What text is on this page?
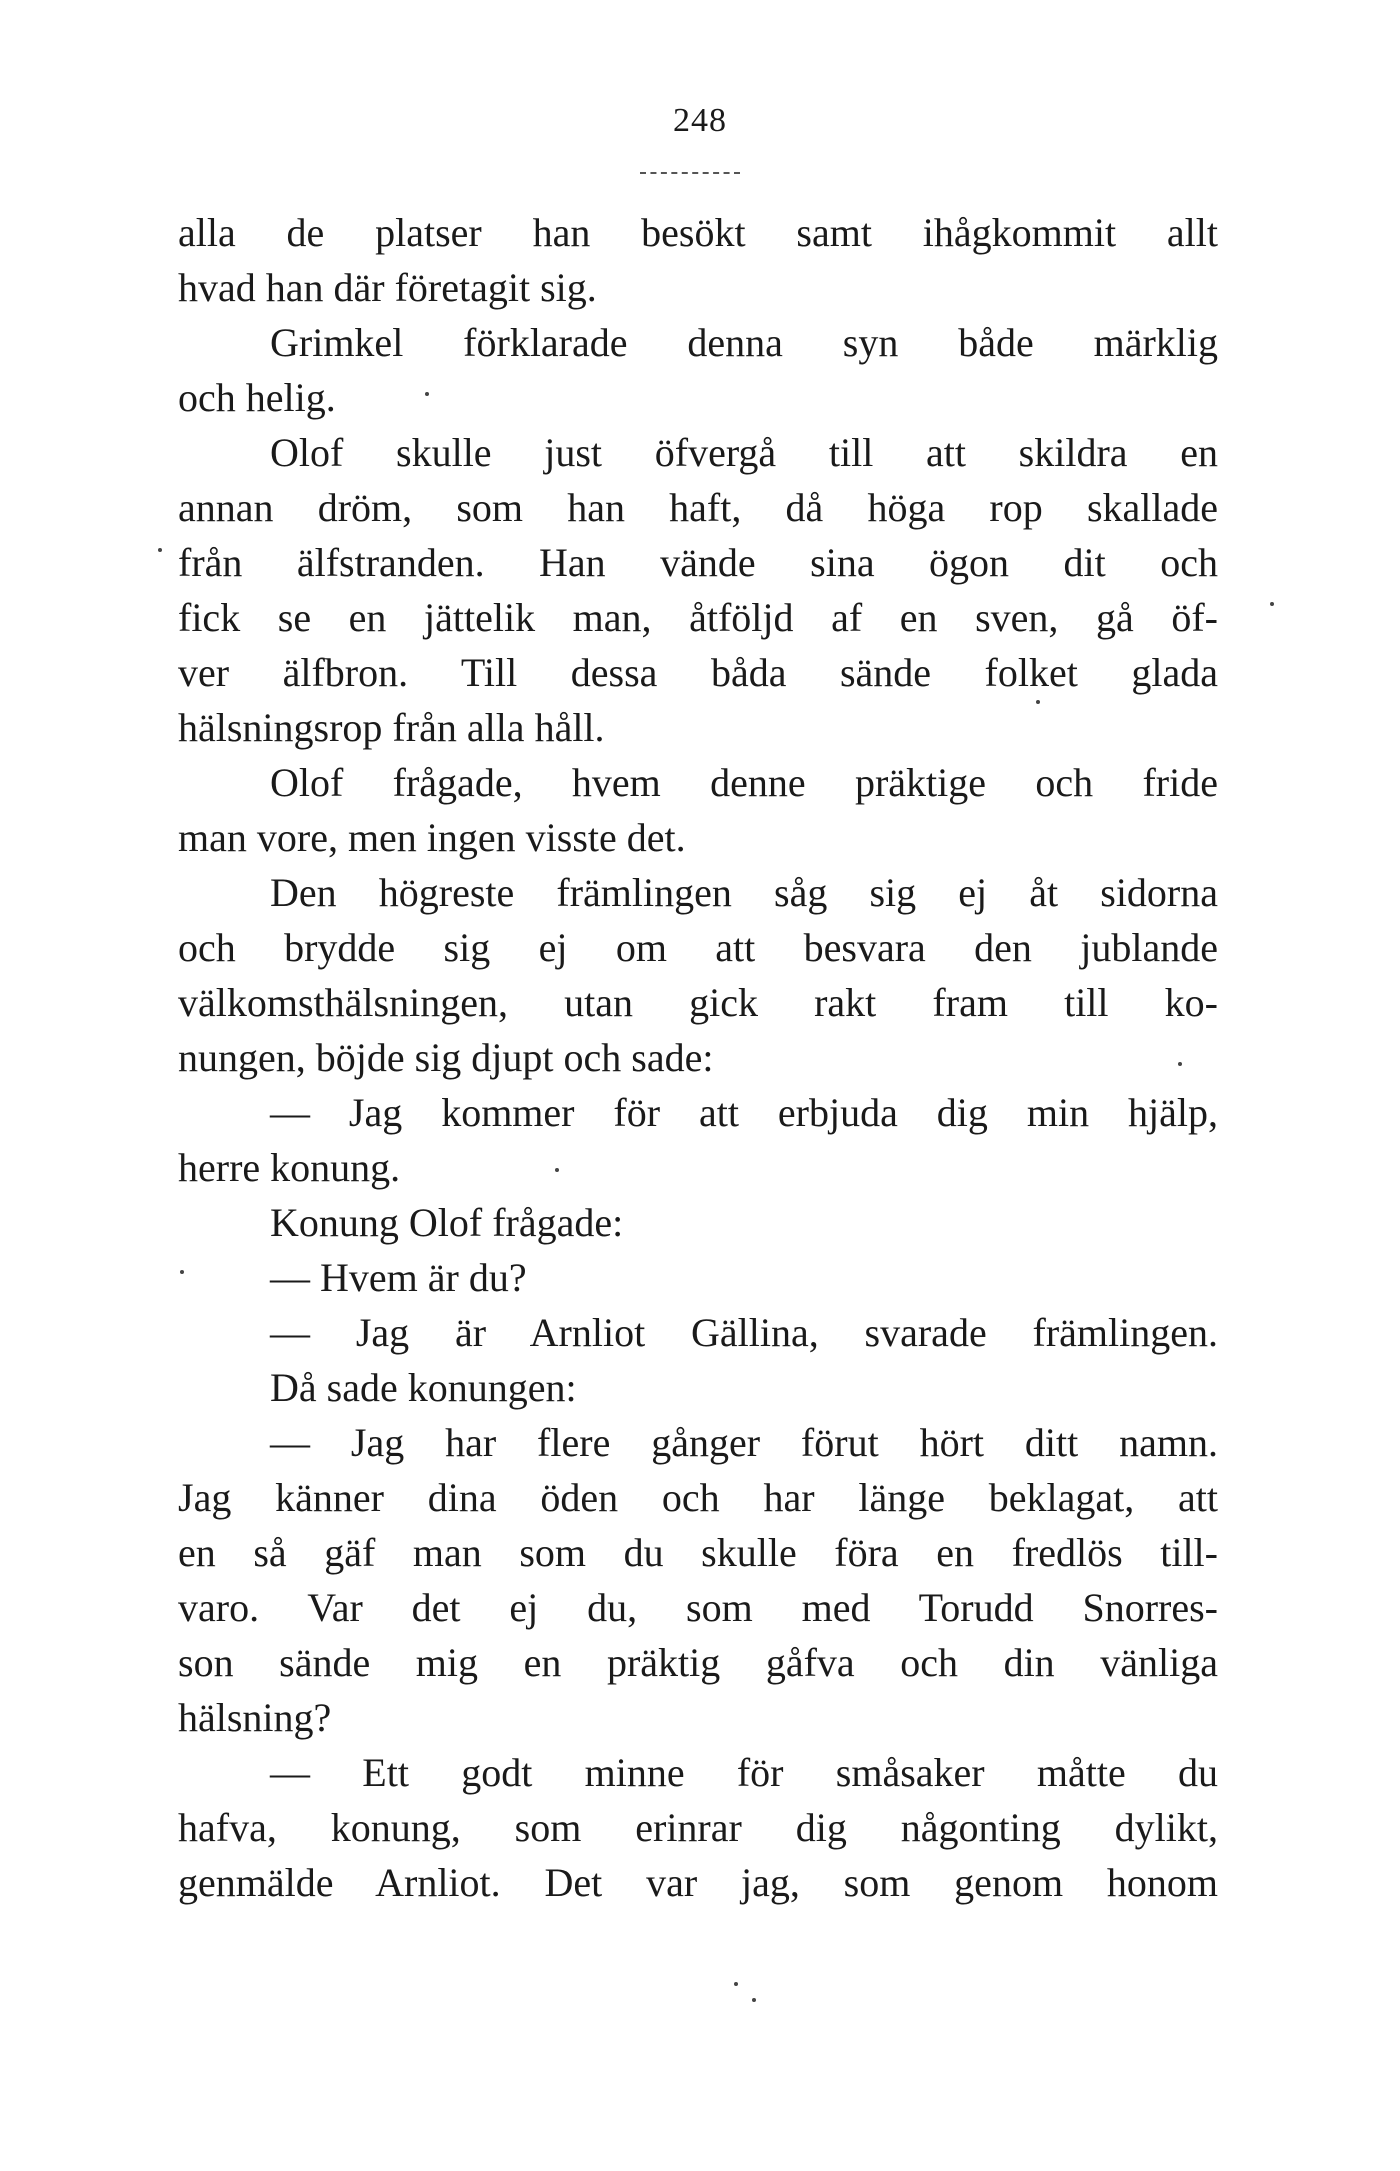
248
alla de platser han besökt samt ihågkommit allt
hvad han där företagit sig.
Grimkel förklarade denna syn både märklig
och helig.
Olof skulle just öfvergå till att skildra en
annan dröm, som han haft, då höga rop skallade
från älfstranden. Han vände sina ögon dit och
fick se en jättelik man, åtföljd af en sven, gå öf-
ver älfbron. Till dessa båda sände folket glada
hälsningsrop från alla håll.
Olof frågade, hvem denne präktige och fride
man vore, men ingen visste det.
Den högreste främlingen såg sig ej åt sidorna
och brydde sig ej om att besvara den jublande
välkomsthälsningen, utan gick rakt fram till ko-
nungen, böjde sig djupt och sade:
— Jag kommer för att erbjuda dig min hjälp,
herre konung.
Konung Olof frågade:
— Hvem är du?
— Jag är Arnliot Gällina, svarade främlingen.
Då sade konungen:
— Jag har flere gånger förut hört ditt namn.
Jag känner dina öden och har länge beklagat, att
en så gäf man som du skulle föra en fredlös till-
varo. Var det ej du, som med Torudd Snorres-
son sände mig en präktig gåfva och din vänliga
hälsning?
— Ett godt minne för småsaker måtte du
hafva, konung, som erinrar dig någonting dylikt,
genmälde Arnliot. Det var jag, som genom honom
